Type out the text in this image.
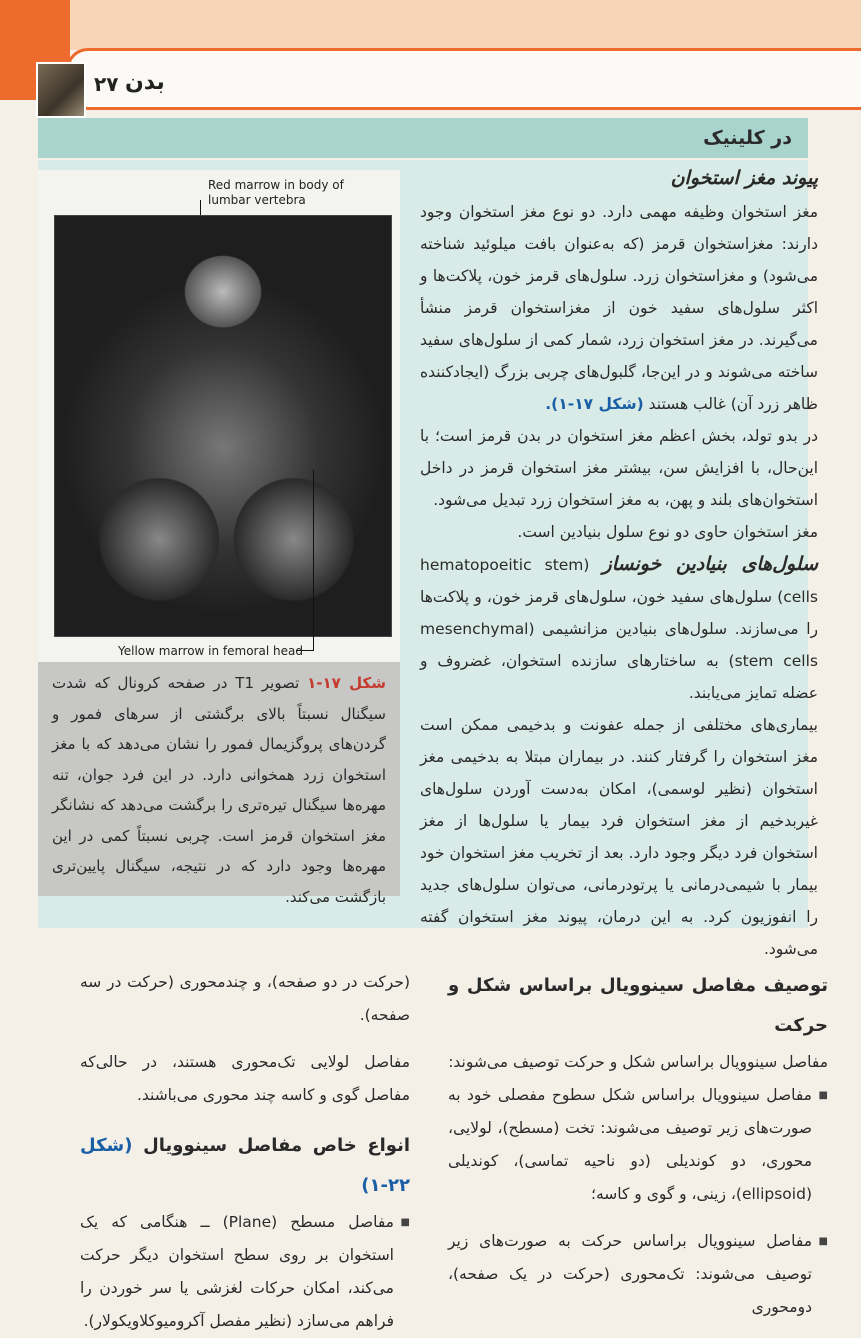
۲۷ بدن
در کلینیک
Red marrow in body of lumbar vertebra
Yellow marrow in femoral head
شکل ۱۷-۱ تصویر T1 در صفحه کرونال که شدت سیگنال نسبتاً بالای برگشتی از سرهای فمور و گردن‌های پروگزیمال فمور را نشان می‌دهد که با مغز استخوان زرد همخوانی دارد. در این فرد جوان، تنه مهره‌ها سیگنال تیره‌تری را برگشت می‌دهد که نشانگر مغز استخوان قرمز است. چربی نسبتاً کمی در این مهره‌ها وجود دارد که در نتیجه، سیگنال پایین‌تری بازگشت می‌کند.

پیوند مغز استخوان

مغز استخوان وظیفه مهمی دارد. دو نوع مغز استخوان وجود دارند: مغزاستخوان قرمز (که به‌عنوان بافت میلوئید شناخته می‌شود) و مغزاستخوان زرد. سلول‌های قرمز خون، پلاکت‌ها و اکثر سلول‌های سفید خون از مغزاستخوان قرمز منشأ می‌گیرند. در مغز استخوان زرد، شمار کمی از سلول‌های سفید ساخته می‌شوند و در این‌جا، گلبول‌های چربی بزرگ (ایجادکننده ظاهر زرد آن) غالب هستند (شکل ۱۷-۱).

در بدو تولد، بخش اعظم مغز استخوان در بدن قرمز است؛ با این‌حال، با افزایش سن، بیشتر مغز استخوان قرمز در داخل استخوان‌های بلند و پهن، به مغز استخوان زرد تبدیل می‌شود.

مغز استخوان حاوی دو نوع سلول بنیادین است.

سلول‌های بنیادین خونساز (hematopoeitic stem cells) سلول‌های سفید خون، سلول‌های قرمز خون، و پلاکت‌ها را می‌سازند. سلول‌های بنیادین مزانشیمی (mesenchymal stem cells) به ساختارهای سازنده استخوان، غضروف و عضله تمایز می‌یابند.

بیماری‌های مختلفی از جمله عفونت و بدخیمی ممکن است مغز استخوان را گرفتار کنند. در بیماران مبتلا به بدخیمی مغز استخوان (نظیر لوسمی)، امکان به‌دست آوردن سلول‌های غیربدخیم از مغز استخوان فرد بیمار یا سلول‌ها از مغز استخوان فرد دیگر وجود دارد. بعد از تخریب مغز استخوان خود بیمار با شیمی‌درمانی یا پرتودرمانی، می‌توان سلول‌های جدید را انفوزیون کرد. به این درمان، پیوند مغز استخوان گفته می‌شود.

توصیف مفاصل سینوویال براساس شکل و حرکت

مفاصل سینوویال براساس شکل و حرکت توصیف می‌شوند:

■ مفاصل سینوویال براساس شکل سطوح مفصلی خود به صورت‌های زیر توصیف می‌شوند: تخت (مسطح)، لولایی، محوری، دو کوندیلی (دو ناحیه تماسی)، کوندیلی (ellipsoid)، زینی، و گوی و کاسه؛

■ مفاصل سینوویال براساس حرکت به صورت‌های زیر توصیف می‌شوند: تک‌محوری (حرکت در یک صفحه)، دومحوری

(حرکت در دو صفحه)، و چندمحوری (حرکت در سه صفحه).

مفاصل لولایی تک‌محوری هستند، در حالی‌که مفاصل گوی و کاسه چند محوری می‌باشند.

انواع خاص مفاصل سینوویال (شکل ۲۲-۱)

■ مفاصل مسطح (Plane) ــ هنگامی که یک استخوان بر روی سطح استخوان دیگر حرکت می‌کند، امکان حرکات لغزشی یا سر خوردن را فراهم می‌سازد (نظیر مفصل آکرومیوکلاویکولار).
